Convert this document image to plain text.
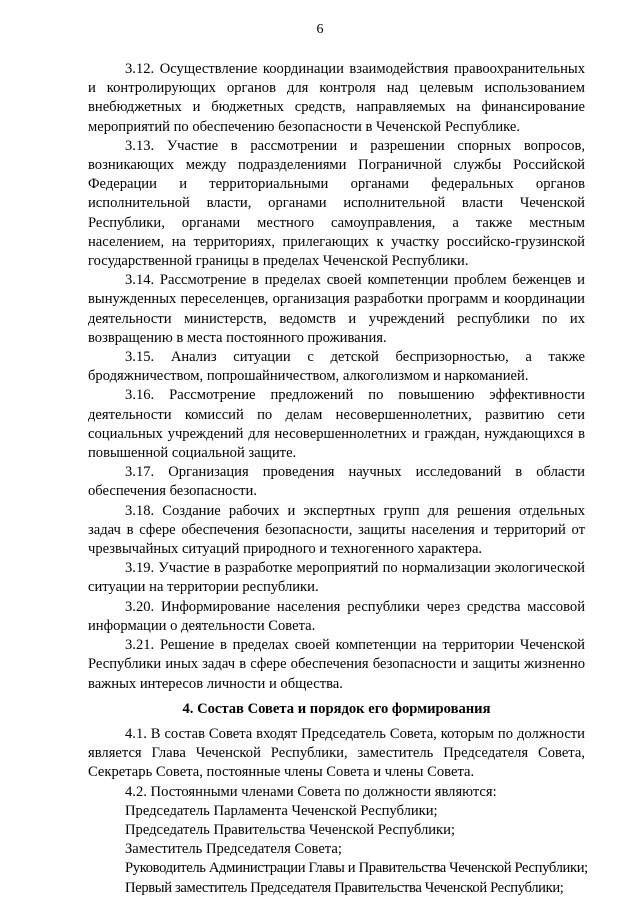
6

3.12. Осуществление координации взаимодействия правоохранительных и контролирующих органов для контроля над целевым использованием внебюджетных и бюджетных средств, направляемых на финансирование мероприятий по обеспечению безопасности в Чеченской Республике.

3.13. Участие в рассмотрении и разрешении спорных вопросов, возникающих между подразделениями Пограничной службы Российской Федерации и территориальными органами федеральных органов исполнительной власти, органами исполнительной власти Чеченской Республики, органами местного самоуправления, а также местным населением, на территориях, прилегающих к участку российско-грузинской государственной границы в пределах Чеченской Республики.

3.14. Рассмотрение в пределах своей компетенции проблем беженцев и вынужденных переселенцев, организация разработки программ и координации деятельности министерств, ведомств и учреждений республики по их возвращению в места постоянного проживания.

3.15. Анализ ситуации с детской беспризорностью, а также бродяжничеством, попрошайничеством, алкоголизмом и наркоманией.

3.16. Рассмотрение предложений по повышению эффективности деятельности комиссий по делам несовершеннолетних, развитию сети социальных учреждений для несовершеннолетних и граждан, нуждающихся в повышенной социальной защите.

3.17. Организация проведения научных исследований в области обеспечения безопасности.

3.18. Создание рабочих и экспертных групп для решения отдельных задач в сфере обеспечения безопасности, защиты населения и территорий от чрезвычайных ситуаций природного и техногенного характера.

3.19. Участие в разработке мероприятий по нормализации экологической ситуации на территории республики.

3.20. Информирование населения республики через средства массовой информации о деятельности Совета.

3.21. Решение в пределах своей компетенции на территории Чеченской Республики иных задач в сфере обеспечения безопасности и защиты жизненно важных интересов личности и общества.

4. Состав Совета и порядок его формирования

4.1. В состав Совета входят Председатель Совета, которым по должности является Глава Чеченской Республики, заместитель Председателя Совета, Секретарь Совета, постоянные члены Совета и члены Совета.

4.2. Постоянными членами Совета по должности являются:

Председатель Парламента Чеченской Республики;

Председатель Правительства Чеченской Республики;

Заместитель Председателя Совета;

Руководитель Администрации Главы и Правительства Чеченской Республики;

Первый заместитель Председателя Правительства Чеченской Республики;
